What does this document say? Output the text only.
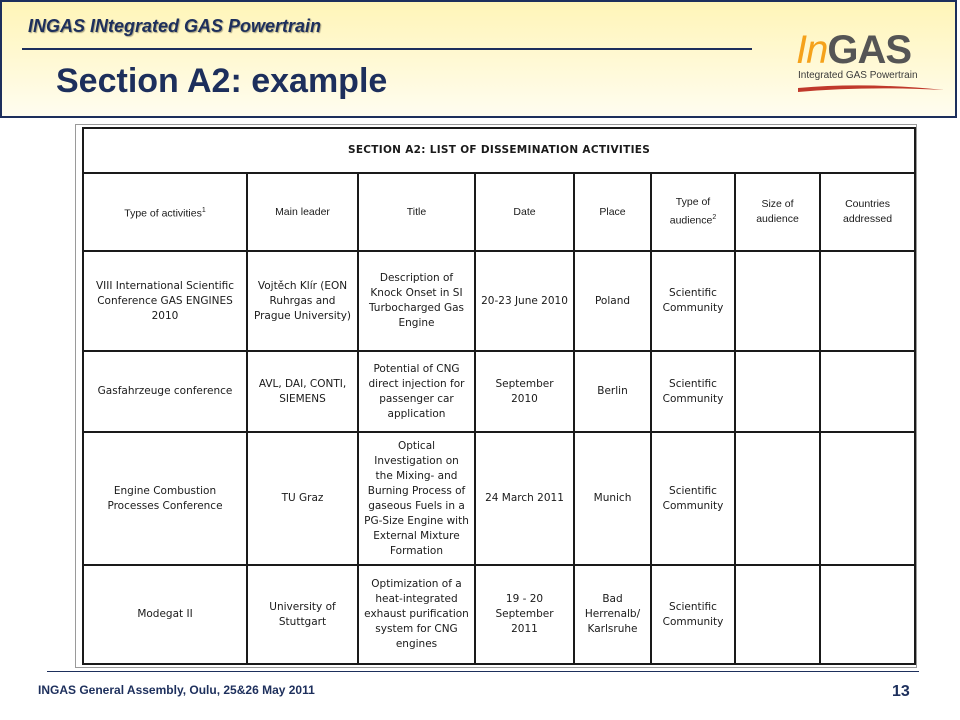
INGAS INtegrated GAS Powertrain
Section A2: example
InGAS
Integrated GAS Powertrain
SECTION A2: LIST OF DISSEMINATION ACTIVITIES							
Type of activities$^1$	Main leader	Title	Date	Place	Type of audience$^2$	Size of audience	Countries addressed
VIII International Scientific Conference GAS ENGINES 2010	Vojtěch Klír (EON Ruhrgas and Prague University)	Description of Knock Onset in SI Turbocharged Gas Engine	20-23 June 2010	Poland	Scientific Community		
Gasfahrzeuge conference	AVL, DAI, CONTI, SIEMENS	Potential of CNG direct injection for passenger car application	September 2010	Berlin	Scientific Community		
Engine Combustion Processes Conference	TU Graz	Optical Investigation on the Mixing- and Burning Process of gaseous Fuels in a PG-Size Engine with External Mixture Formation	24 March 2011	Munich	Scientific Community		
Modegat II	University of Stuttgart	Optimization of a heat-integrated exhaust purification system for CNG engines	19 - 20 September 2011	Bad Herrenalb/ Karlsruhe	Scientific Community		
INGAS General Assembly, Oulu, 25&26 May 2011	13
